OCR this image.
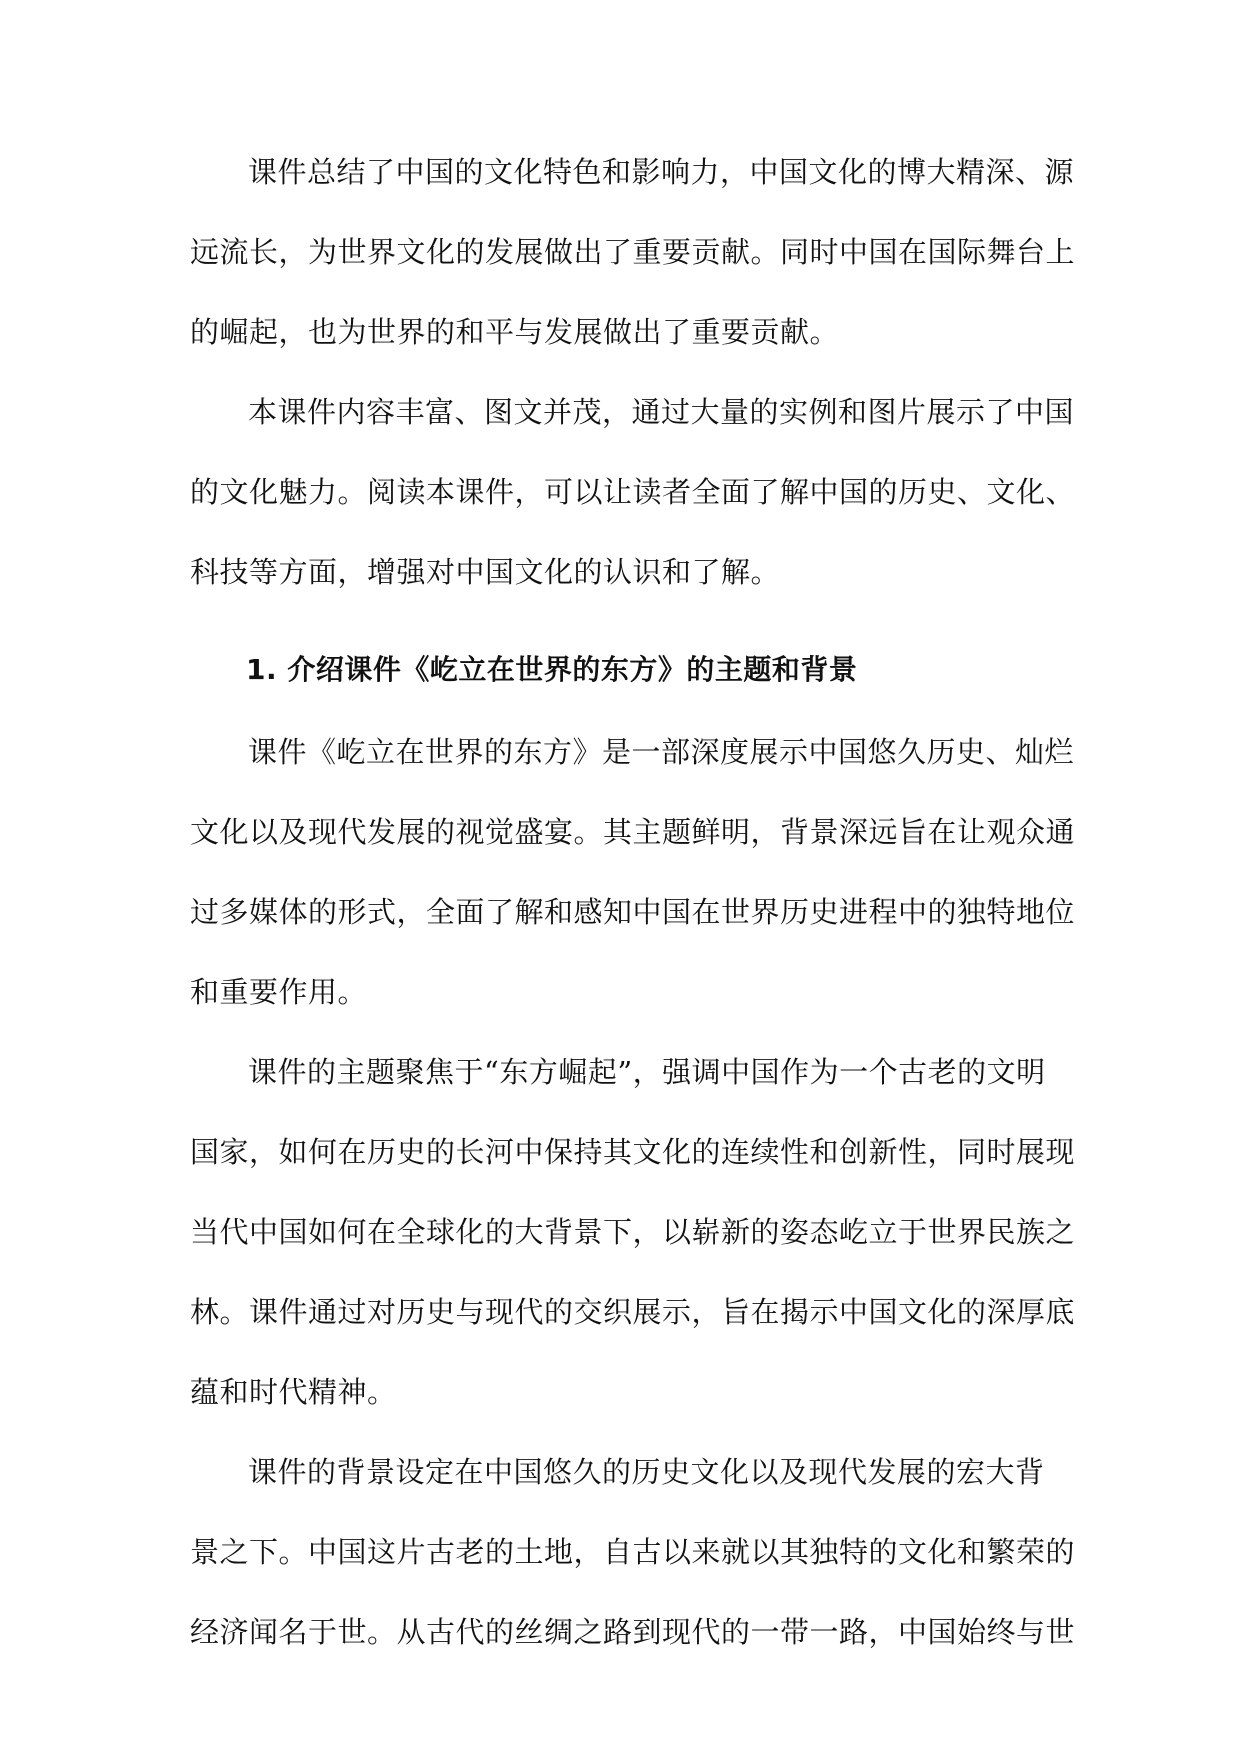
课件总结了中国的文化特色和影响力，中国文化的博大精深、源
远流长，为世界文化的发展做出了重要贡献。同时中国在国际舞台上
的崛起，也为世界的和平与发展做出了重要贡献。
本课件内容丰富、图文并茂，通过大量的实例和图片展示了中国
的文化魅力。阅读本课件，可以让读者全面了解中国的历史、文化、
科技等方面，增强对中国文化的认识和了解。
1. 介绍课件《屹立在世界的东方》的主题和背景
课件《屹立在世界的东方》是一部深度展示中国悠久历史、灿烂
文化以及现代发展的视觉盛宴。其主题鲜明，背景深远旨在让观众通
过多媒体的形式，全面了解和感知中国在世界历史进程中的独特地位
和重要作用。
课件的主题聚焦于“东方崛起”，强调中国作为一个古老的文明
国家，如何在历史的长河中保持其文化的连续性和创新性，同时展现
当代中国如何在全球化的大背景下，以崭新的姿态屹立于世界民族之
林。课件通过对历史与现代的交织展示，旨在揭示中国文化的深厚底
蕴和时代精神。
课件的背景设定在中国悠久的历史文化以及现代发展的宏大背
景之下。中国这片古老的土地，自古以来就以其独特的文化和繁荣的
经济闻名于世。从古代的丝绸之路到现代的一带一路，中国始终与世
